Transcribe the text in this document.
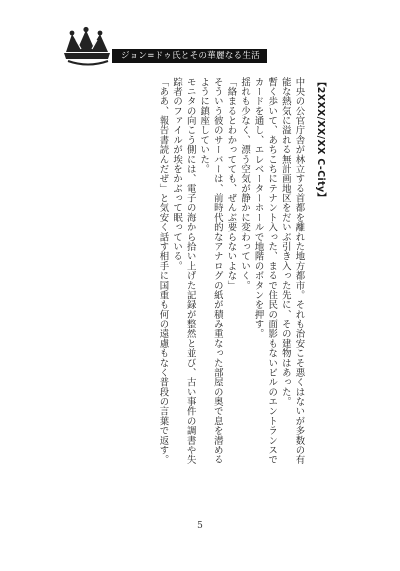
ジョン=ドゥ氏とその華麗なる生活

【2XXX/XX/XX C-City】

中央の公官庁舎が林立する首都を離れた地方都市。それも治安こそ悪くはないが多数の有能な熱気に溢れる無計画地区をだいぶ引き入った先に、その建物はあった。

暫く歩いて、あちこちにテナント入った、まるで住民の面影もないビルのエントランスでカードを通し、エレベーターホールで地階のボタンを押す。

揺れも少なく、漂う空気が静かに変わっていく。

「絡まるとわかってても、ぜんぶ要らないよな」

そういう彼のサーバーは、前時代的なアナログの紙が積み重なった部屋の奥で息を潜めるように鎮座していた。

モニタの向こう側には、電子の海から拾い上げた記録が整然と並び、古い事件の調書や失踪者のファイルが埃をかぶって眠っている。

「ああ、報告書読んだぜ」と気安く話す相手に国重も何の遠慮もなく普段の言葉で返す。

5
